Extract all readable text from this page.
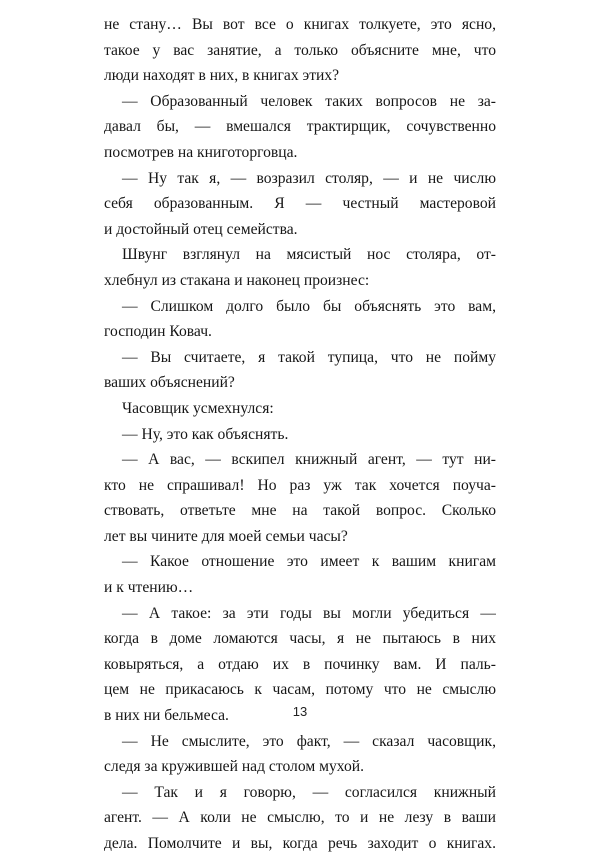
не стану… Вы вот все о книгах толкуете, это ясно,
такое у вас занятие, а только объясните мне, что
люди находят в них, в книгах этих?
— Образованный человек таких вопросов не за-
давал бы, — вмешался трактирщик, сочувственно
посмотрев на книготорговца.
— Ну так я, — возразил столяр, — и не числю
себя образованным. Я — честный мастеровой
и достойный отец семейства.
Швунг взглянул на мясистый нос столяра, от-
хлебнул из стакана и наконец произнес:
— Слишком долго было бы объяснять это вам,
господин Ковач.
— Вы считаете, я такой тупица, что не пойму
ваших объяснений?
Часовщик усмехнулся:
— Ну, это как объяснять.
— А вас, — вскипел книжный агент, — тут ни-
кто не спрашивал! Но раз уж так хочется поуча-
ствовать, ответьте мне на такой вопрос. Сколько
лет вы чините для моей семьи часы?
— Какое отношение это имеет к вашим книгам
и к чтению…
— А такое: за эти годы вы могли убедиться —
когда в доме ломаются часы, я не пытаюсь в них
ковыряться, а отдаю их в починку вам. И паль-
цем не прикасаюсь к часам, потому что не смыслю
в них ни бельмеса.
— Не смыслите, это факт, — сказал часовщик,
следя за кружившей над столом мухой.
— Так и я говорю, — согласился книжный
агент. — А коли не смыслю, то и не лезу в ваши
дела. Помолчите и вы, когда речь заходит о книгах.
13
